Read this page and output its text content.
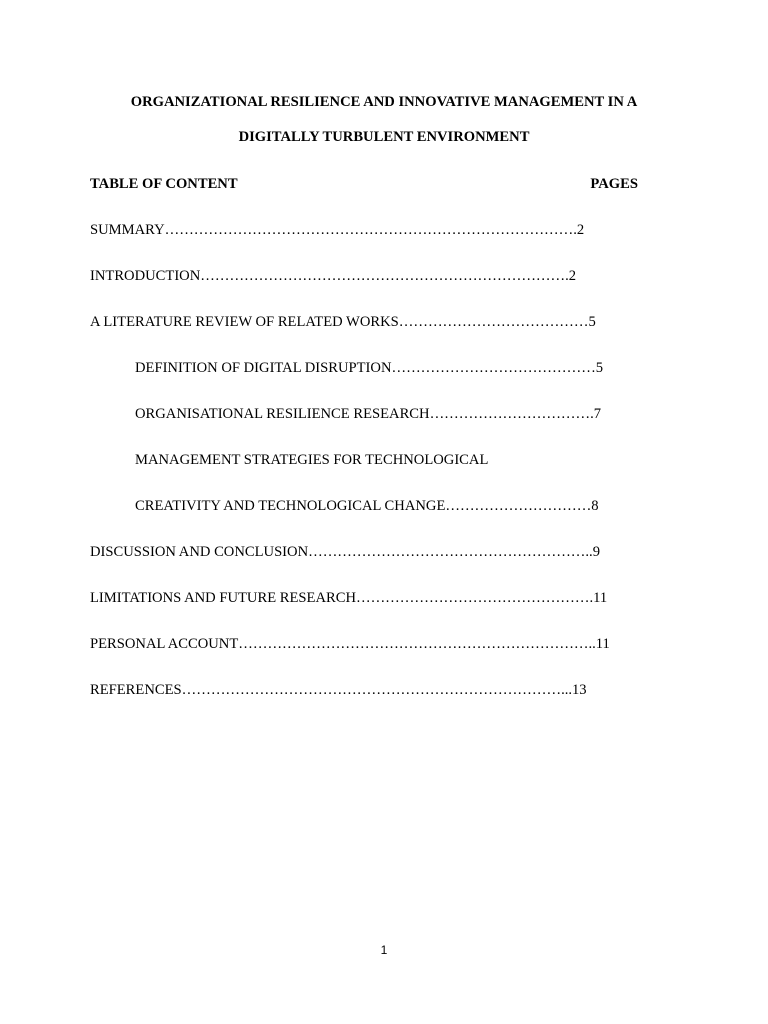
ORGANIZATIONAL RESILIENCE AND INNOVATIVE MANAGEMENT IN A
DIGITALLY TURBULENT ENVIRONMENT
TABLE OF CONTENT	PAGES
SUMMARY………………………………………………………………………….2
INTRODUCTION………………………………………………………………….2
A LITERATURE REVIEW OF RELATED WORKS…………………………………5
DEFINITION OF DIGITAL DISRUPTION……………………………………5
ORGANISATIONAL RESILIENCE RESEARCH…………………………….7
MANAGEMENT STRATEGIES FOR TECHNOLOGICAL
CREATIVITY AND TECHNOLOGICAL CHANGE…………………………8
DISCUSSION AND CONCLUSION…………………………………………………..9
LIMITATIONS AND FUTURE RESEARCH………………………………………….11
PERSONAL ACCOUNT………………………………………………………………..11
REFERENCES……………………………………………………………………...13
1
